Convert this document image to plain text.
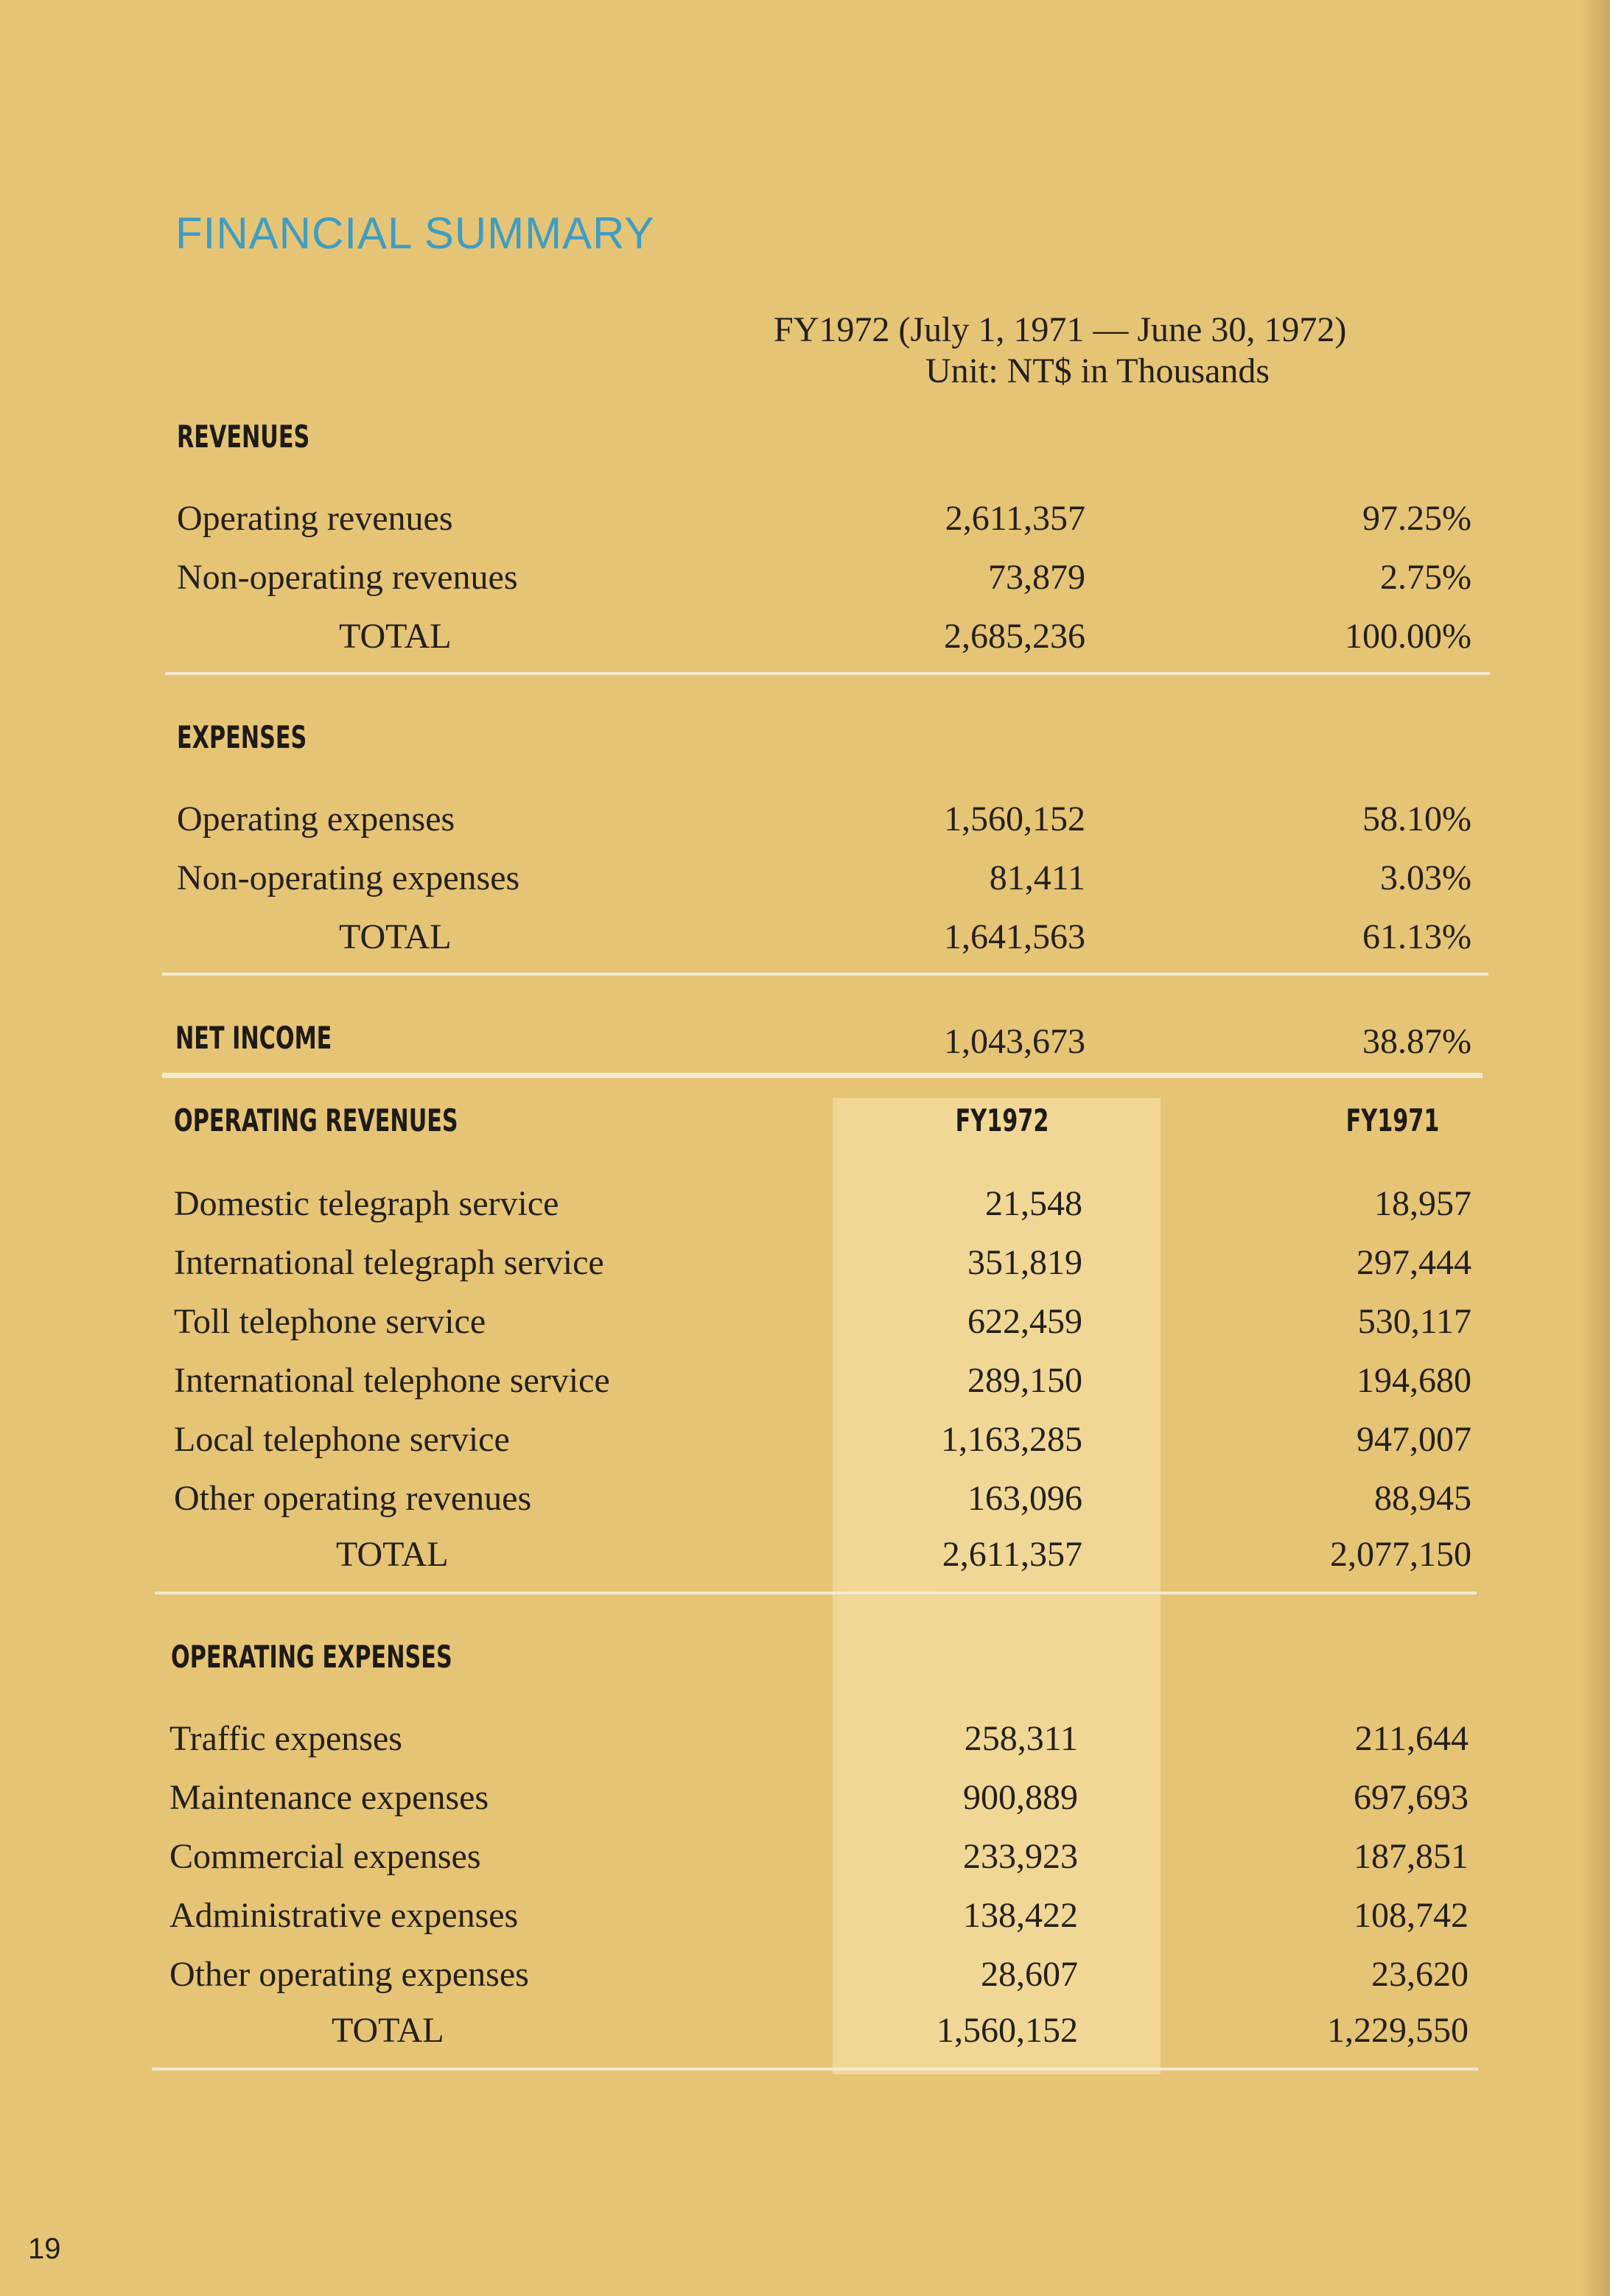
FINANCIAL SUMMARY
FY1972 (July 1, 1971 — June 30, 1972)
Unit: NT$ in Thousands
REVENUES
Operating revenues	2,611,357	97.25%
Non-operating revenues	73,879	2.75%
TOTAL	2,685,236	100.00%
EXPENSES
Operating expenses	1,560,152	58.10%
Non-operating expenses	81,411	3.03%
TOTAL	1,641,563	61.13%
NET INCOME	1,043,673	38.87%
OPERATING REVENUES	FY1972	FY1971
Domestic telegraph service	21,548	18,957
International telegraph service	351,819	297,444
Toll telephone service	622,459	530,117
International telephone service	289,150	194,680
Local telephone service	1,163,285	947,007
Other operating revenues	163,096	88,945
TOTAL	2,611,357	2,077,150
OPERATING EXPENSES
Traffic expenses	258,311	211,644
Maintenance expenses	900,889	697,693
Commercial expenses	233,923	187,851
Administrative expenses	138,422	108,742
Other operating expenses	28,607	23,620
TOTAL	1,560,152	1,229,550
19
